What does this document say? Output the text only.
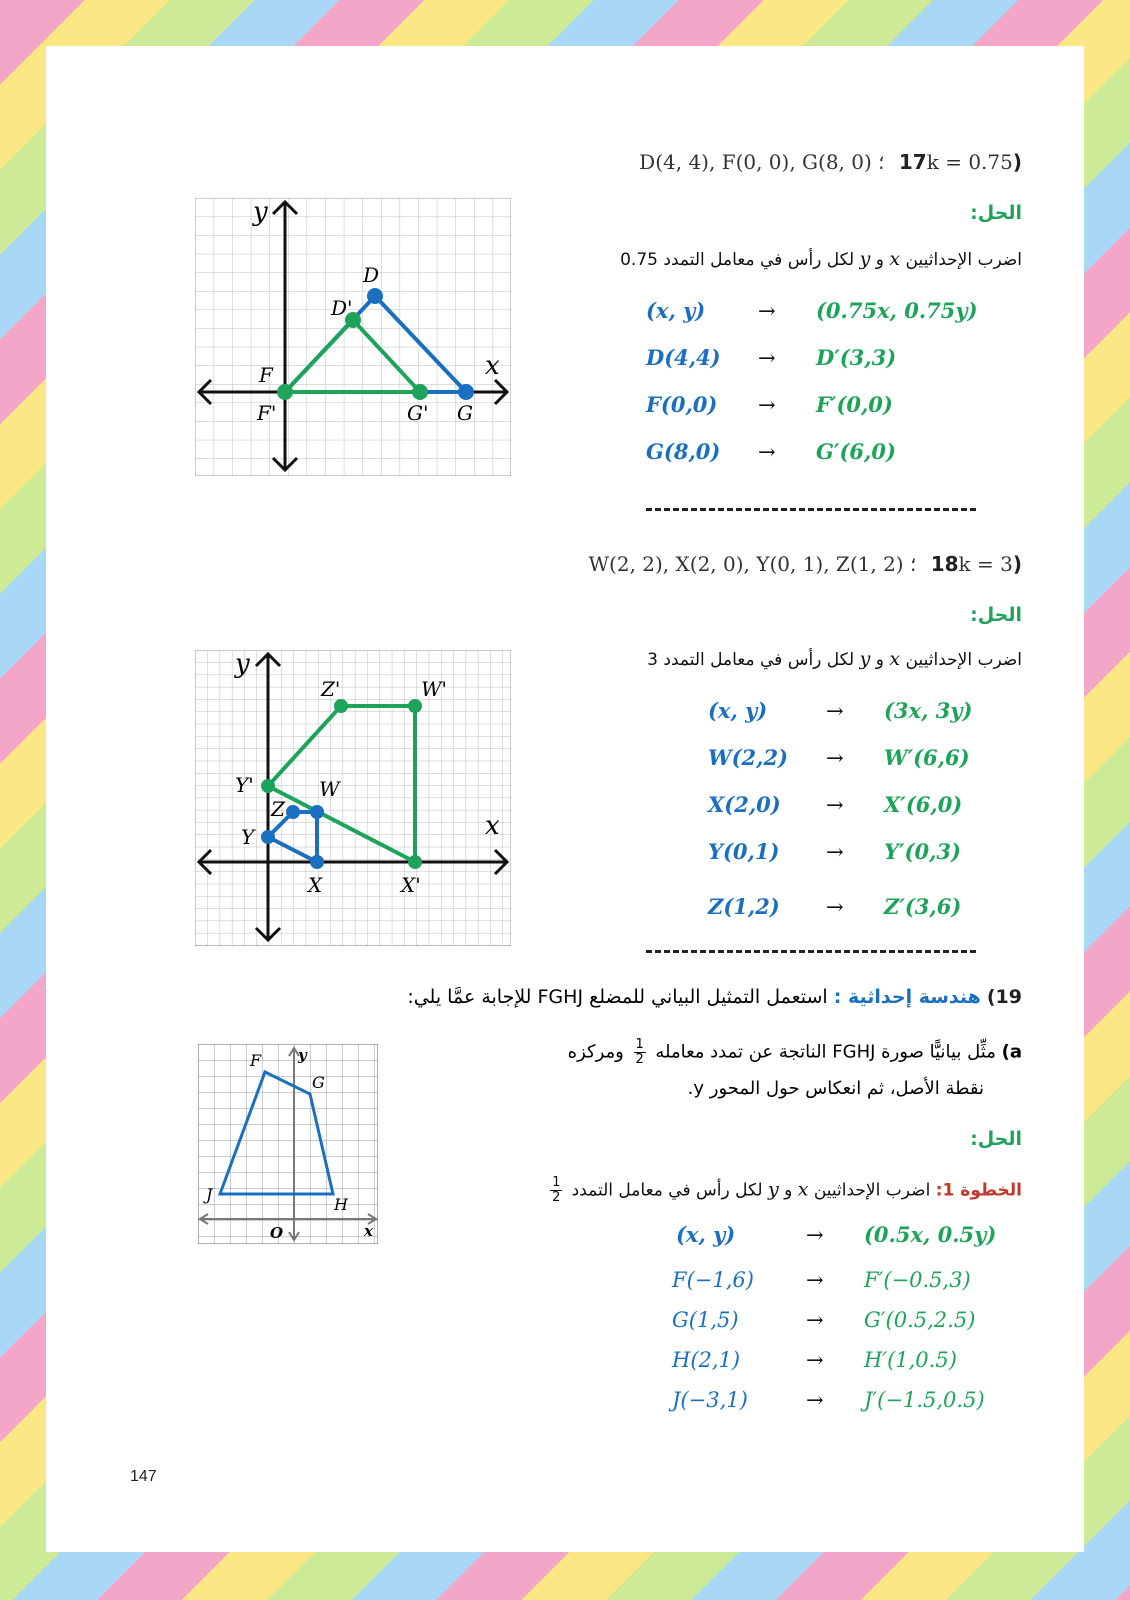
(17k = 0.75 ؛ D(4, 4), F(0, 0), G(8, 0)
الحل:
اضرب الإحداثيين x و y لكل رأس في معامل التمدد 0.75
(x, y)	→	(0.75x, 0.75y)
D(4,4)	→	D′(3,3)
F(0,0)	→	F′(0,0)
G(8,0)	→	G′(6,0)
y
x
D
D'
F
F'	G' G
(18k = 3 ؛ W(2, 2), X(2, 0), Y(0, 1), Z(1, 2)
الحل:
اضرب الإحداثيين x و y لكل رأس في معامل التمدد 3
(x, y)	→	(3x, 3y)
W(2,2)	→	W′(6,6)
X(2,0)	→	X′(6,0)
Y(0,1)	→	Y′(0,3)
Z(1,2)	→	Z′(3,6)
y
x
Z'	W'
Y'	W
Z
Y
X	X'
19) هندسة إحداثية : استعمل التمثيل البياني للمضلع FGHJ للإجابة عمَّا يلي:
a) مثِّل بيانيًّا صورة FGHJ الناتجة عن تمدد معامله
$\frac{1}{2}$
ومركزه
نقطة الأصل، ثم انعكاس حول المحور y.
الحل:
الخطوة 1: اضرب الإحداثيين x و y لكل رأس في معامل التمدد
$\frac{1}{2}$
(x, y)	→	(0.5x, 0.5y)
F(−1,6)	→	F′(−0.5,3)
G(1,5)	→	G′(0.5,2.5)
H(2,1)	→	H′(1,0.5)
J(−3,1)	→	J′(−1.5,0.5)
F
G
H
J
y
x
O
147
